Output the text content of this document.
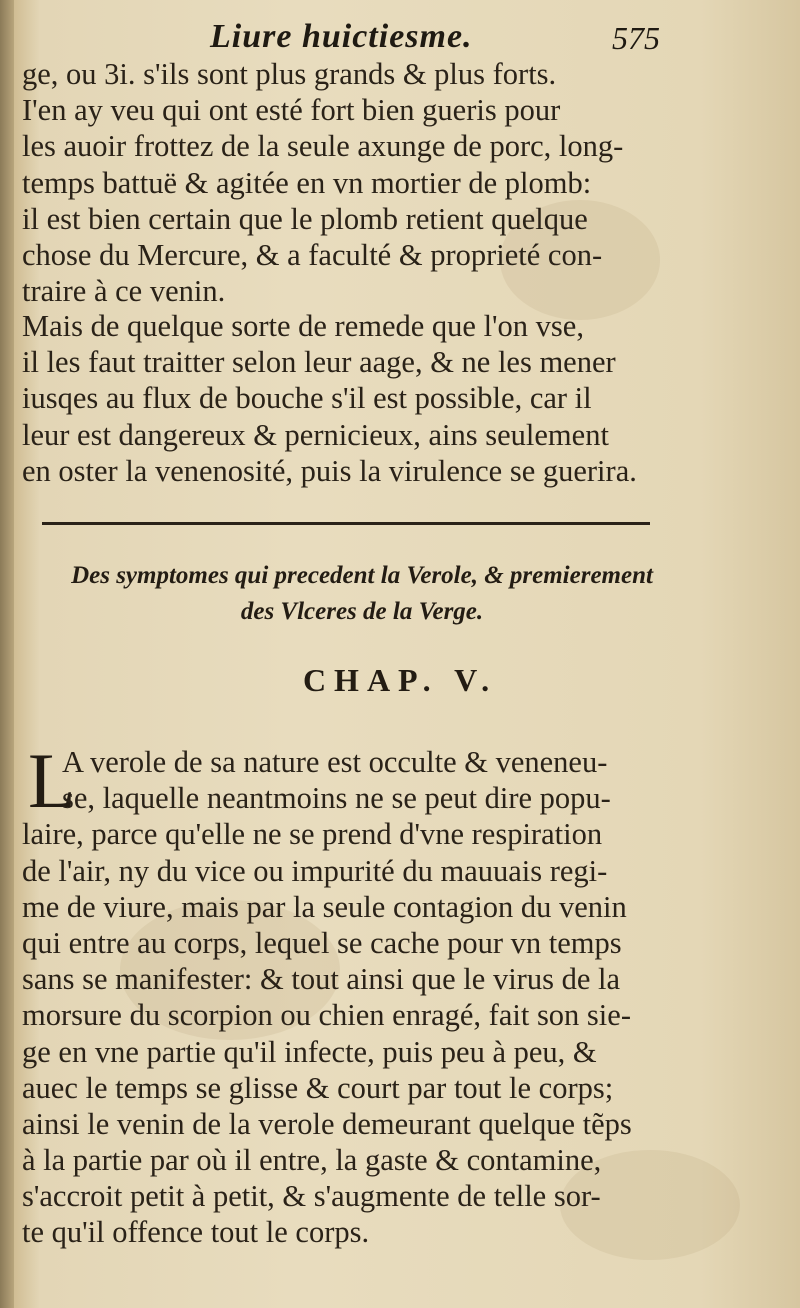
Liure huictiesme.	575
ge, ou 3i. s'ils sont plus grands & plus forts.
I'en ay veu qui ont esté fort bien gueris pour
les auoir frottez de la seule axunge de porc, long-
temps battuë & agitée en vn mortier de plomb:
il est bien certain que le plomb retient quelque
chose du Mercure, & a faculté & proprieté con-
traire à ce venin.
Mais de quelque sorte de remede que l'on vse,
il les faut traitter selon leur aage, & ne les mener
iusqes au flux de bouche s'il est possible, car il
leur est dangereux & pernicieux, ains seulement
en oster la venenosité, puis la virulence se guerira.
Des symptomes qui precedent la Verole, & premierement
des Vlceres de la Verge.
CHAP. V.
L
A verole de sa nature est occulte & veneneu-
se, laquelle neantmoins ne se peut dire popu-
laire, parce qu'elle ne se prend d'vne respiration
de l'air, ny du vice ou impurité du mauuais regi-
me de viure, mais par la seule contagion du venin
qui entre au corps, lequel se cache pour vn temps
sans se manifester: & tout ainsi que le virus de la
morsure du scorpion ou chien enragé, fait son sie-
ge en vne partie qu'il infecte, puis peu à peu, &
auec le temps se glisse & court par tout le corps;
ainsi le venin de la verole demeurant quelque tẽps
à la partie par où il entre, la gaste & contamine,
s'accroit petit à petit, & s'augmente de telle sor-
te qu'il offence tout le corps.
